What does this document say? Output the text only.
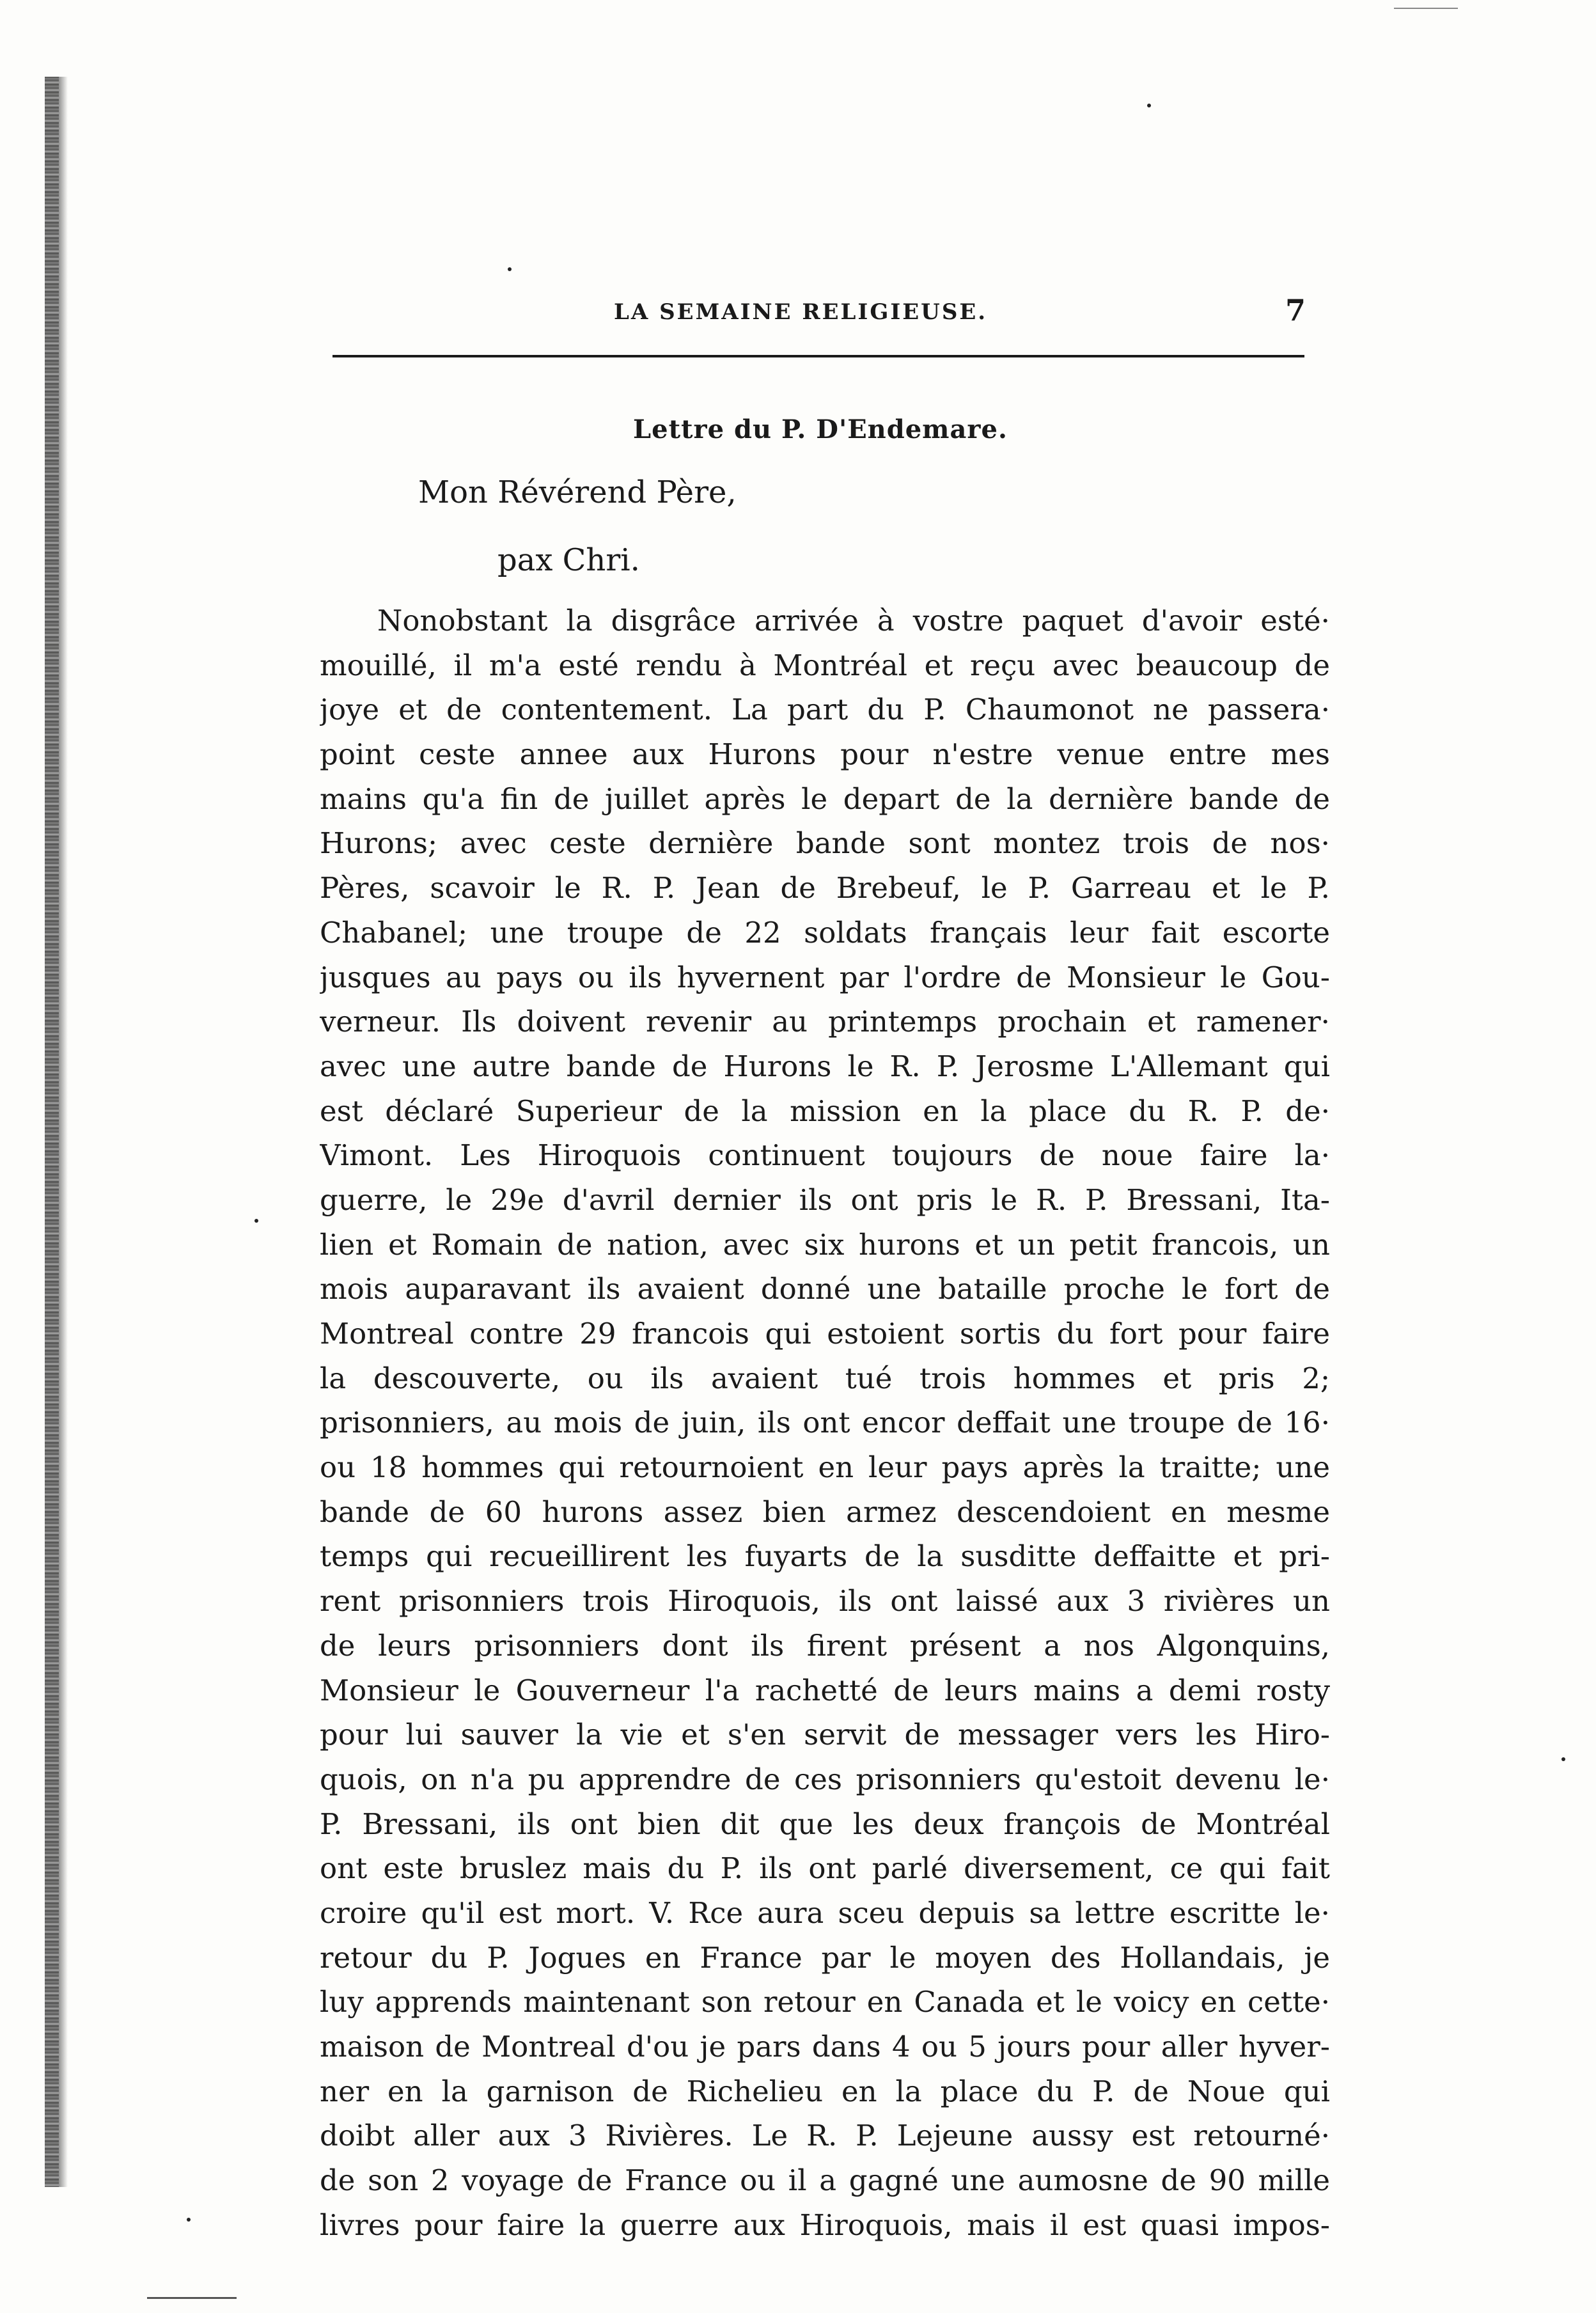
LA SEMAINE RELIGIEUSE.	7
Lettre du P. D'Endemare.
Mon Révérend Père,
pax Chri.
Nonobstant la disgrâce arrivée à vostre paquet d'avoir esté·
mouillé, il m'a esté rendu à Montréal et reçu avec beaucoup de
joye et de contentement. La part du P. Chaumonot ne passera·
point ceste annee aux Hurons pour n'estre venue entre mes
mains qu'a fin de juillet après le depart de la dernière bande de
Hurons; avec ceste dernière bande sont montez trois de nos·
Pères, scavoir le R. P. Jean de Brebeuf, le P. Garreau et le P.
Chabanel; une troupe de 22 soldats français leur fait escorte
jusques au pays ou ils hyvernent par l'ordre de Monsieur le Gou-
verneur. Ils doivent revenir au printemps prochain et ramener·
avec une autre bande de Hurons le R. P. Jerosme L'Allemant qui
est déclaré Superieur de la mission en la place du R. P. de·
Vimont. Les Hiroquois continuent toujours de noue faire la·
guerre, le 29e d'avril dernier ils ont pris le R. P. Bressani, Ita-
lien et Romain de nation, avec six hurons et un petit francois, un
mois auparavant ils avaient donné une bataille proche le fort de
Montreal contre 29 francois qui estoient sortis du fort pour faire
la descouverte, ou ils avaient tué trois hommes et pris 2;
prisonniers, au mois de juin, ils ont encor deffait une troupe de 16·
ou 18 hommes qui retournoient en leur pays après la traitte; une
bande de 60 hurons assez bien armez descendoient en mesme
temps qui recueillirent les fuyarts de la susditte deffaitte et pri-
rent prisonniers trois Hiroquois, ils ont laissé aux 3 rivières un
de leurs prisonniers dont ils firent présent a nos Algonquins,
Monsieur le Gouverneur l'a rachetté de leurs mains a demi rosty
pour lui sauver la vie et s'en servit de messager vers les Hiro-
quois, on n'a pu apprendre de ces prisonniers qu'estoit devenu le·
P. Bressani, ils ont bien dit que les deux françois de Montréal
ont este bruslez mais du P. ils ont parlé diversement, ce qui fait
croire qu'il est mort. V. Rce aura sceu depuis sa lettre escritte le·
retour du P. Jogues en France par le moyen des Hollandais, je
luy apprends maintenant son retour en Canada et le voicy en cette·
maison de Montreal d'ou je pars dans 4 ou 5 jours pour aller hyver-
ner en la garnison de Richelieu en la place du P. de Noue qui
doibt aller aux 3 Rivières. Le R. P. Lejeune aussy est retourné·
de son 2 voyage de France ou il a gagné une aumosne de 90 mille
livres pour faire la guerre aux Hiroquois, mais il est quasi impos-
